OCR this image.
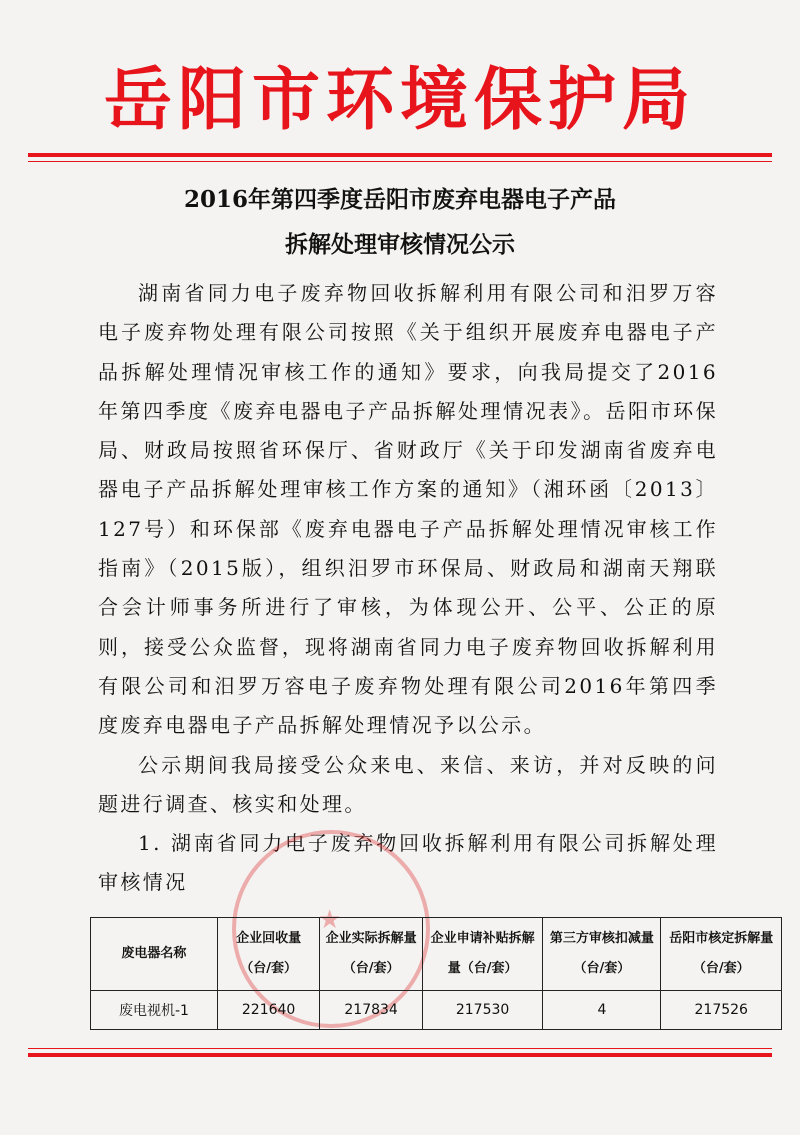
岳阳市环境保护局
2016年第四季度岳阳市废弃电器电子产品
拆解处理审核情况公示

湖南省同力电子废弃物回收拆解利用有限公司和汨罗万容电子废弃物处理有限公司按照《关于组织开展废弃电器电子产品拆解处理情况审核工作的通知》要求，向我局提交了2016年第四季度《废弃电器电子产品拆解处理情况表》。岳阳市环保局、财政局按照省环保厅、省财政厅《关于印发湖南省废弃电器电子产品拆解处理审核工作方案的通知》（湘环函〔2013〕127号）和环保部《废弃电器电子产品拆解处理情况审核工作指南》（2015版），组织汨罗市环保局、财政局和湖南天翔联合会计师事务所进行了审核，为体现公开、公平、公正的原则，接受公众监督，现将湖南省同力电子废弃物回收拆解利用有限公司和汨罗万容电子废弃物处理有限公司2016年第四季度废弃电器电子产品拆解处理情况予以公示。

公示期间我局接受公众来电、来信、来访，并对反映的问题进行调查、核实和处理。

1. 湖南省同力电子废弃物回收拆解利用有限公司拆解处理审核情况

★
废电器名称	企业回收量（台/套）	企业实际拆解量（台/套）	企业申请补贴拆解量（台/套）	第三方审核扣减量（台/套）	岳阳市核定拆解量（台/套）
废电视机-1	221640	217834	217530	4	217526
